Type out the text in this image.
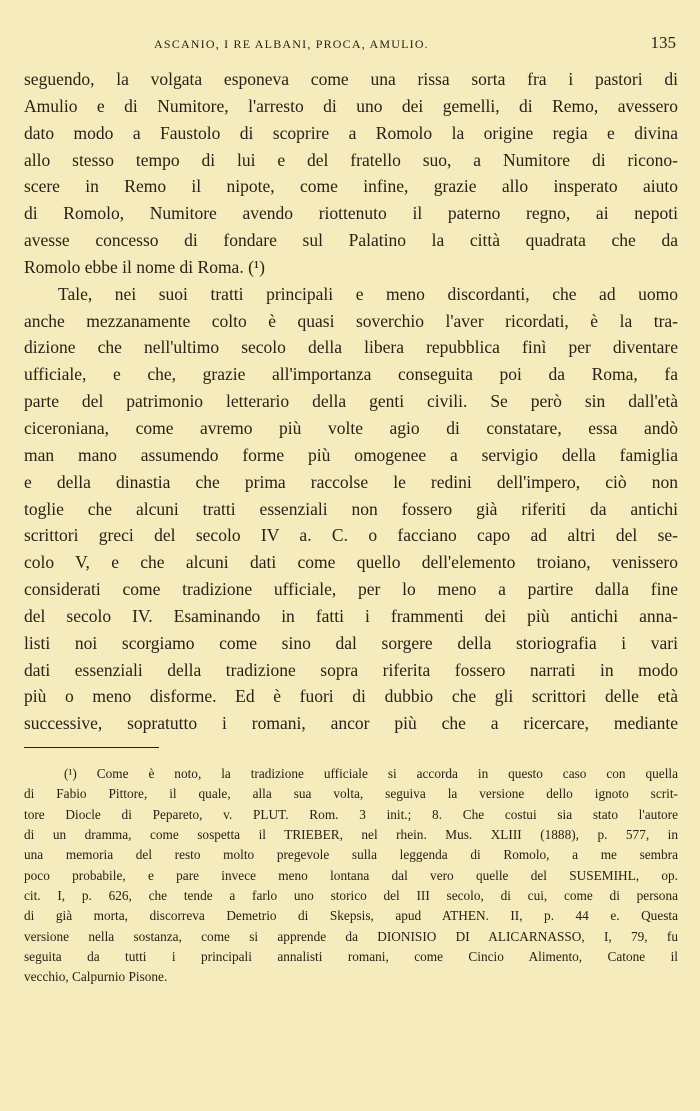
ASCANIO, I RE ALBANI, PROCA, AMULIO.	135
seguendo, la volgata esponeva come una rissa sorta fra i pastori di
Amulio e di Numitore, l'arresto di uno dei gemelli, di Remo, avessero
dato modo a Faustolo di scoprire a Romolo la origine regia e divina
allo stesso tempo di lui e del fratello suo, a Numitore di ricono-
scere in Remo il nipote, come infine, grazie allo insperato aiuto
di Romolo, Numitore avendo riottenuto il paterno regno, ai nepoti
avesse concesso di fondare sul Palatino la città quadrata che da
Romolo ebbe il nome di Roma. (¹)
Tale, nei suoi tratti principali e meno discordanti, che ad uomo
anche mezzanamente colto è quasi soverchio l'aver ricordati, è la tra-
dizione che nell'ultimo secolo della libera repubblica finì per diventare
ufficiale, e che, grazie all'importanza conseguita poi da Roma, fa
parte del patrimonio letterario della genti civili. Se però sin dall'età
ciceroniana, come avremo più volte agio di constatare, essa andò
man mano assumendo forme più omogenee a servigio della famiglia
e della dinastia che prima raccolse le redini dell'impero, ciò non
toglie che alcuni tratti essenziali non fossero già riferiti da antichi
scrittori greci del secolo IV a. C. o facciano capo ad altri del se-
colo V, e che alcuni dati come quello dell'elemento troiano, venissero
considerati come tradizione ufficiale, per lo meno a partire dalla fine
del secolo IV. Esaminando in fatti i frammenti dei più antichi anna-
listi noi scorgiamo come sino dal sorgere della storiografia i vari
dati essenziali della tradizione sopra riferita fossero narrati in modo
più o meno disforme. Ed è fuori di dubbio che gli scrittori delle età
successive, sopratutto i romani, ancor più che a ricercare, mediante
(¹) Come è noto, la tradizione ufficiale si accorda in questo caso con quella
di Fabio Pittore, il quale, alla sua volta, seguiva la versione dello ignoto scrit-
tore Diocle di Pepareto, v. PLUT. Rom. 3 init.; 8. Che costui sia stato l'autore
di un dramma, come sospetta il TRIEBER, nel rhein. Mus. XLIII (1888), p. 577, in
una memoria del resto molto pregevole sulla leggenda di Romolo, a me sembra
poco probabile, e pare invece meno lontana dal vero quelle del SUSEMIHL, op.
cit. I, p. 626, che tende a farlo uno storico del III secolo, di cui, come di persona
di già morta, discorreva Demetrio di Skepsis, apud ATHEN. II, p. 44 e. Questa
versione nella sostanza, come si apprende da DIONISIO DI ALICARNASSO, I, 79, fu
seguita da tutti i principali annalisti romani, come Cincio Alimento, Catone il
vecchio, Calpurnio Pisone.
